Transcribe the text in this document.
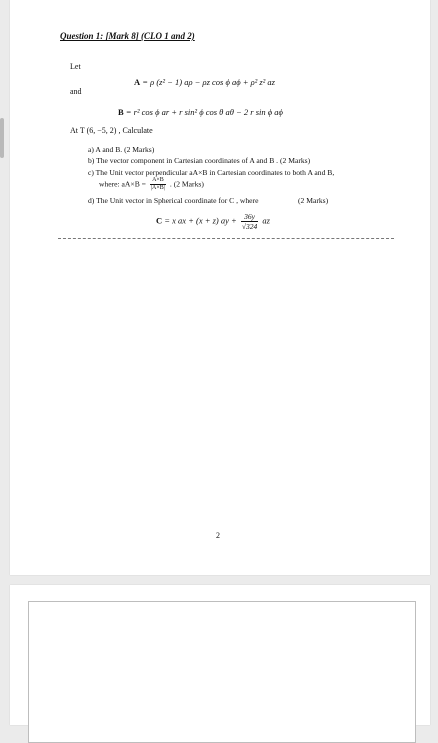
Question 1: [Mark 8] (CLO 1 and 2)
Let
A = ρ (z² − 1) aρ − ρz cos ϕ aϕ + ρ² z² az
and
B = r² cos ϕ ar + r sin² ϕ cos θ aθ − 2 r sin ϕ aϕ
At T (6, −5, 2) , Calculate
a) A and B. (2 Marks)
b) The vector component in Cartesian coordinates of A and B . (2 Marks)
c) The Unit vector perpendicular aA×B in Cartesian coordinates to both A and B,
where: $aA\times B = \frac{A\times B}{|A\times B|}$ . (2 Marks)
d) The Unit vector in Spherical coordinate for C , where	(2 Marks)
C = x ax + (x + z) ay + $\frac{36y}{√324}$ az
2
